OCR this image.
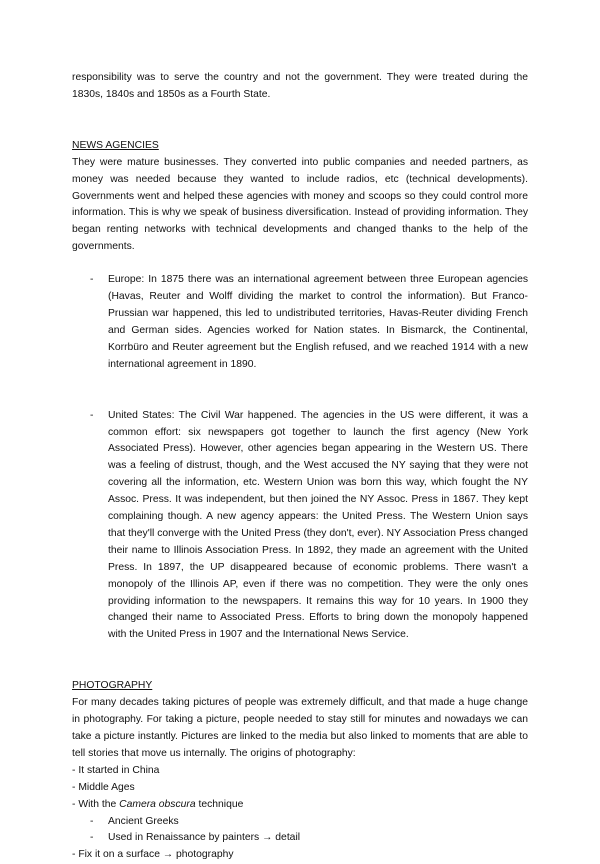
responsibility was to serve the country and not the government. They were treated during the 1830s, 1840s and 1850s as a Fourth State.

NEWS AGENCIES

They were mature businesses. They converted into public companies and needed partners, as money was needed because they wanted to include radios, etc (technical developments). Governments went and helped these agencies with money and scoops so they could control more information. This is why we speak of business diversification. Instead of providing information. They began renting networks with technical developments and changed thanks to the help of the governments.

- Europe: In 1875 there was an international agreement between three European agencies (Havas, Reuter and Wolff dividing the market to control the information). But Franco-Prussian war happened, this led to undistributed territories, Havas-Reuter dividing French and German sides. Agencies worked for Nation states. In Bismarck, the Continental, Korrbüro and Reuter agreement but the English refused, and we reached 1914 with a new international agreement in 1890.

- United States: The Civil War happened. The agencies in the US were different, it was a common effort: six newspapers got together to launch the first agency (New York Associated Press). However, other agencies began appearing in the Western US. There was a feeling of distrust, though, and the West accused the NY saying that they were not covering all the information, etc. Western Union was born this way, which fought the NY Assoc. Press. It was independent, but then joined the NY Assoc. Press in 1867. They kept complaining though. A new agency appears: the United Press. The Western Union says that they'll converge with the United Press (they don't, ever). NY Association Press changed their name to Illinois Association Press. In 1892, they made an agreement with the United Press. In 1897, the UP disappeared because of economic problems. There wasn't a monopoly of the Illinois AP, even if there was no competition. They were the only ones providing information to the newspapers. It remains this way for 10 years. In 1900 they changed their name to Associated Press. Efforts to bring down the monopoly happened with the United Press in 1907 and the International News Service.

PHOTOGRAPHY

For many decades taking pictures of people was extremely difficult, and that made a huge change in photography. For taking a picture, people needed to stay still for minutes and nowadays we can take a picture instantly. Pictures are linked to the media but also linked to moments that are able to tell stories that move us internally. The origins of photography:

- It started in China
- Middle Ages
- With the Camera obscura technique
- Ancient Greeks
- Used in Renaissance by painters → detail
- Fix it on a surface → photography
